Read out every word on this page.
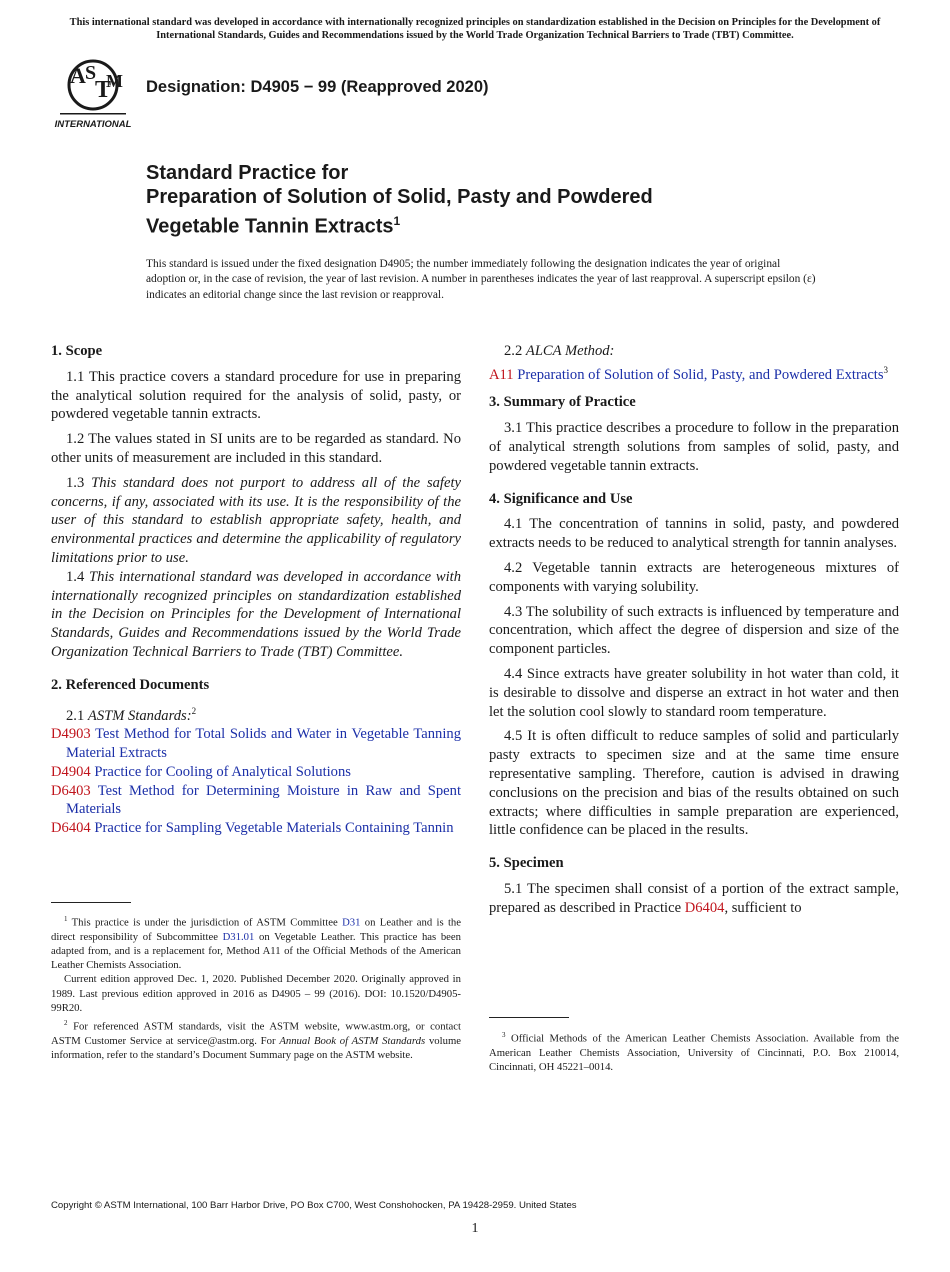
This international standard was developed in accordance with internationally recognized principles on standardization established in the Decision on Principles for the Development of International Standards, Guides and Recommendations issued by the World Trade Organization Technical Barriers to Trade (TBT) Committee.
A S
T
M
INTERNATIONAL
Designation: D4905 − 99 (Reapproved 2020)
Standard Practice for
Preparation of Solution of Solid, Pasty and Powdered
Vegetable Tannin Extracts$^1$
This standard is issued under the fixed designation D4905; the number immediately following the designation indicates the year of original adoption or, in the case of revision, the year of last revision. A number in parentheses indicates the year of last reapproval. A superscript epsilon (ε) indicates an editorial change since the last revision or reapproval.
1. Scope

1.1 This practice covers a standard procedure for use in preparing the analytical solution required for the analysis of solid, pasty, or powdered vegetable tannin extracts.

1.2 The values stated in SI units are to be regarded as standard. No other units of measurement are included in this standard.

1.3 This standard does not purport to address all of the safety concerns, if any, associated with its use. It is the responsibility of the user of this standard to establish appropriate safety, health, and environmental practices and determine the applicability of regulatory limitations prior to use.

1.4 This international standard was developed in accordance with internationally recognized principles on standardization established in the Decision on Principles for the Development of International Standards, Guides and Recommendations issued by the World Trade Organization Technical Barriers to Trade (TBT) Committee.

2. Referenced Documents

2.1 ASTM Standards:$^2$

D4903 Test Method for Total Solids and Water in Vegetable Tanning Material Extracts
D4904 Practice for Cooling of Analytical Solutions
D6403 Test Method for Determining Moisture in Raw and Spent Materials
D6404 Practice for Sampling Vegetable Materials Containing Tannin

$^1$ This practice is under the jurisdiction of ASTM Committee D31 on Leather and is the direct responsibility of Subcommittee D31.01 on Vegetable Leather. This practice has been adapted from, and is a replacement for, Method A11 of the Official Methods of the American Leather Chemists Association.

Current edition approved Dec. 1, 2020. Published December 2020. Originally approved in 1989. Last previous edition approved in 2016 as D4905 – 99 (2016). DOI: 10.1520/D4905-99R20.

$^2$ For referenced ASTM standards, visit the ASTM website, www.astm.org, or contact ASTM Customer Service at service@astm.org. For Annual Book of ASTM Standards volume information, refer to the standard’s Document Summary page on the ASTM website.

2.2 ALCA Method:

A11 Preparation of Solution of Solid, Pasty, and Powdered Extracts$^3$
3. Summary of Practice

3.1 This practice describes a procedure to follow in the preparation of analytical strength solutions from samples of solid, pasty, and powdered vegetable tannin extracts.

4. Significance and Use

4.1 The concentration of tannins in solid, pasty, and powdered extracts needs to be reduced to analytical strength for tannin analyses.

4.2 Vegetable tannin extracts are heterogeneous mixtures of components with varying solubility.

4.3 The solubility of such extracts is influenced by temperature and concentration, which affect the degree of dispersion and size of the component particles.

4.4 Since extracts have greater solubility in hot water than cold, it is desirable to dissolve and disperse an extract in hot water and then let the solution cool slowly to standard room temperature.

4.5 It is often difficult to reduce samples of solid and particularly pasty extracts to specimen size and at the same time ensure representative sampling. Therefore, caution is advised in drawing conclusions on the precision and bias of the results obtained on such extracts; where difficulties in sample preparation are experienced, little confidence can be placed in the results.

5. Specimen

5.1 The specimen shall consist of a portion of the extract sample, prepared as described in Practice D6404, sufficient to

$^3$ Official Methods of the American Leather Chemists Association. Available from the American Leather Chemists Association, University of Cincinnati, P.O. Box 210014, Cincinnati, OH 45221–0014.

Copyright © ASTM International, 100 Barr Harbor Drive, PO Box C700, West Conshohocken, PA 19428-2959. United States
1
